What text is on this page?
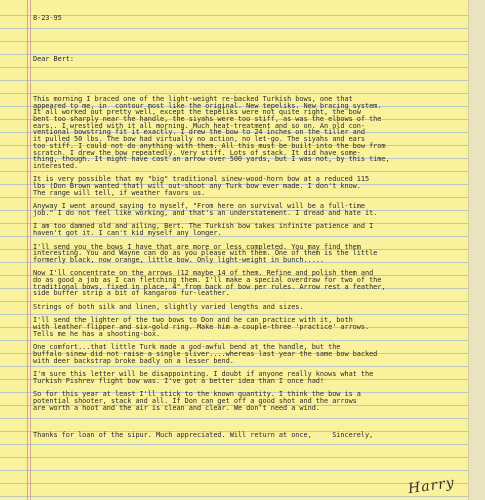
8-23-95

Dear Bert:

This morning I braced one of the light-weight re-backed Turkish bows, one that
appeared to me, in  contour most like the original. New tepeliks. New bracing system.
It all worked out pretty well, except the tepeliks were not quite right, the bow
bent too sharply near the handle, the siyahs were too stiff, as was the elbows of the
ears.. I wrestled with it all morning. Much heat-treatment and so on. An old con-
ventional bowstring fit it exactly. I drew the bow to 24 inches on the tiller and
it pulled 50 lbs. The bow had virtually no action, no let-go. The siyahs and ears
too stiff. I could not do anything with them. All this must be built into the bow from
scratch. I drew the bow repeatedly. Very stiff. Lots of stack. It did have some-
thing, though. It might have cast an arrow over 500 yards, but I was not, by this time,
interested.
It is very possible that my "big" traditional sinew-wood-horn bow at a reduced 115
lbs (Don Brown wanted that) will out-shoot any Turk bow ever made. I don't know.
The range will tell, if weather favors us.
Anyway I went around saying to myself, "From here on survival will be a full-time
job." I do not feel like working, and that's an understatement. I dread and hate it.
I am too damned old and ailing, Bert. The Turkish bow takes infinite patience and I
haven't got it. I can't kid myself any longer.
I'll send you the bows I have that are more or less completed. You may find them
interesting. You and Wayne can do as you please with them. One of them is the little
formerly black, now orange, little bow. Only light-weight in bunch.....
Now I'll concentrate on the arrows (12 maybe 14 of them. Refine and polish them and
do as good a job as I can fletching them. I'll make a special overdraw for two of the
traditional bows, fixed in place, 4" from back of bow per rules. Arrow rest a feather,
side buffer strip a bit of kangaroo fur-leather.
Strings of both silk and linen, slightly varied lengths and sizes.
I'll send the lighter of the two bows to Don and he can practice with it, both
with leather flipper and six-gold ring. Make him a couple-three 'practice' arrows.
Tells me he has a shooting-box.
One comfort...that little Turk made a god-awful bend at the handle, but the
buffalo sinew did not raise a single sliver....whereas last year the same bow backed
with deer backstrap broke badly on a lesser bend.
I'm sure this letter will be disappointing. I doubt if anyone really knows what the
Turkish Pishrev flight bow was. I've got a better idea than I once had!
So for this year at least I'll stick to the known quantity. I think the bow is a
potential shooter, stack and all. If Don can get off a good shot and the arrows
are worth a hoot and the air is clean and clear. We don't need a wind.

Thanks for loan of the sipur. Much appreciated. Will return at once,     Sincerely,

Harry
